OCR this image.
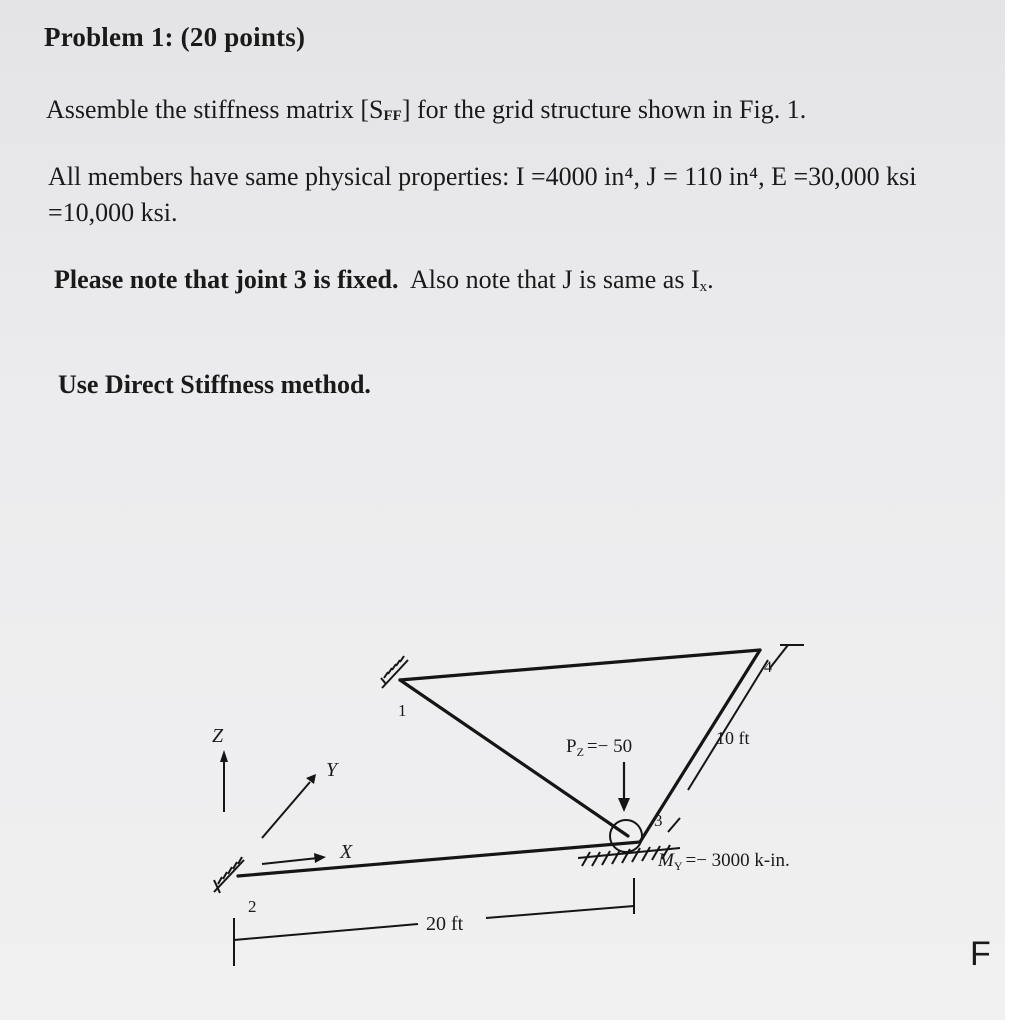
Problem 1: (20 points)
Assemble the stiffness matrix [SFF] for the grid structure shown in Fig. 1.
All members have same physical properties: I =4000 in⁴, J = 110 in⁴, E =30,000 ksi
=10,000 ksi.
Please note that joint 3 is fixed.  Also note that J is same as Ix.
Use Direct Stiffness method.
Z
Y
X
1
2
3
4
$P_Z =- 50$	10 ft
20 ft
$M_Y =- 3000$ k-in.
F
